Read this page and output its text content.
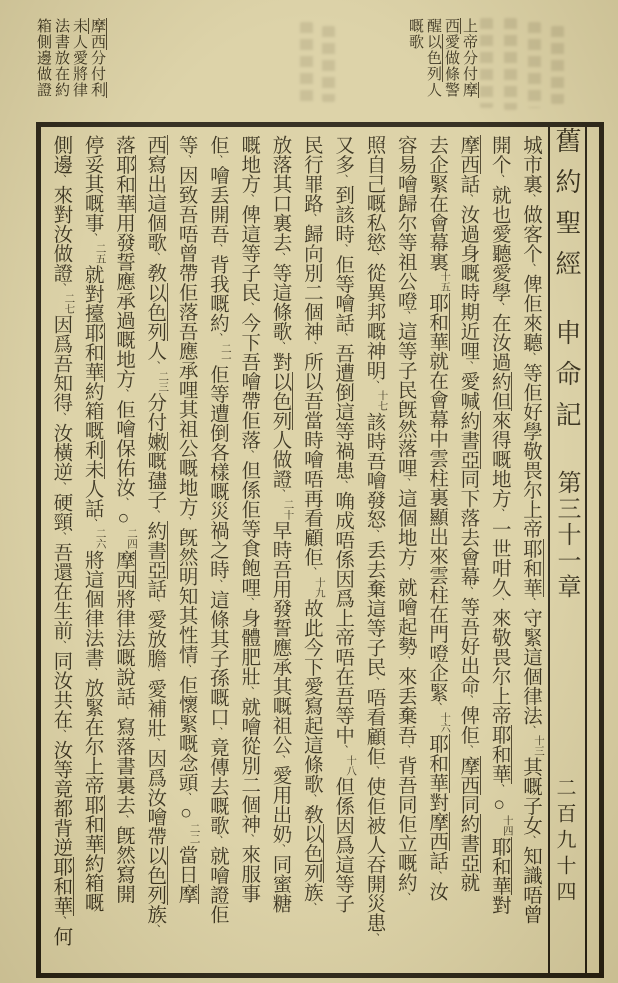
上帝分付摩
西愛做條警
醒以色列人
嘅歌
摩西分付利
未人愛將律
法書放在約
箱側邊做證
舊約聖經申命記第三十一章
二百九十四
城市裏、做客个、俾佢來聽、等佢好學敬畏尔上帝耶和華、守緊這個律法、十三其嘅子女、知識唔曾
開个、就也愛聽愛學、在汝過約但來得嘅地方、一世咁久、來敬畏尔上帝耶和華、○十四耶和華對
摩西話、汝過身嘅時期近哩、愛喊約書亞同下落去會幕、等吾好出命、俾佢、摩西同約書亞就
去企緊在會幕裏十五耶和華就在會幕中雲柱裏顯出來雲柱在門噔企緊、十六耶和華對摩西話、汝
容易噲歸尔等祖公噔、這等子民旣然落哩、這個地方、就噲起勢、來丢棄吾、背吾同佢立嘅約、
照自己嘅私慾、從異邦嘅神明、十七該時吾噲發怒、丢去棄這等子民、唔看顧佢、使佢被人吞開災患、
又多、到該時、佢等噲話、吾遭倒這等禍患、唃成唔係因爲上帝唔在吾等中、十八但係因爲這等子
民行罪路、歸向別二個神、所以吾當時噲唔再看顧佢、十九故此今下愛寫起這條歌、敎以色列族、
放落其口裏去、等這條歌、對以色列人做證、二十早時吾用發誓應承其嘅祖公、愛用出奶、同蜜糖
嘅地方、俾這等子民、今下吾噲帶佢落、但係佢等食飽哩、身體肥壯、就噲從別二個神、來服事
佢、噲丢開吾、背我嘅約、二一佢等遭倒各樣嘅災禍之時、這條其子孫嘅口、竟傳去嘅歌、就噲證佢
等、因致吾唔曾帶佢落吾應承哩其祖公嘅地方、旣然明知其性情、佢懷緊嘅念頭、○二二當日摩
西寫出這個歌、敎以色列人、二三分付嫩嘅孻子、約書亞話、愛放膽、愛補壯、因爲汝噲帶以色列族、
落耶和華用發誓應承過嘅地方、佢噲保佑汝、○二四摩西將律法嘅說話、寫落書裏去、旣然寫開
停妥其嘅事、二五就對擡耶和華約箱嘅利未人話、二六將這個律法書、放緊在尔上帝耶和華約箱嘅
側邊、來對汝做證、二七因爲吾知得、汝橫逆、硬頸、吾還在生前、同汝共在、汝等竟都背逆耶和華、何
